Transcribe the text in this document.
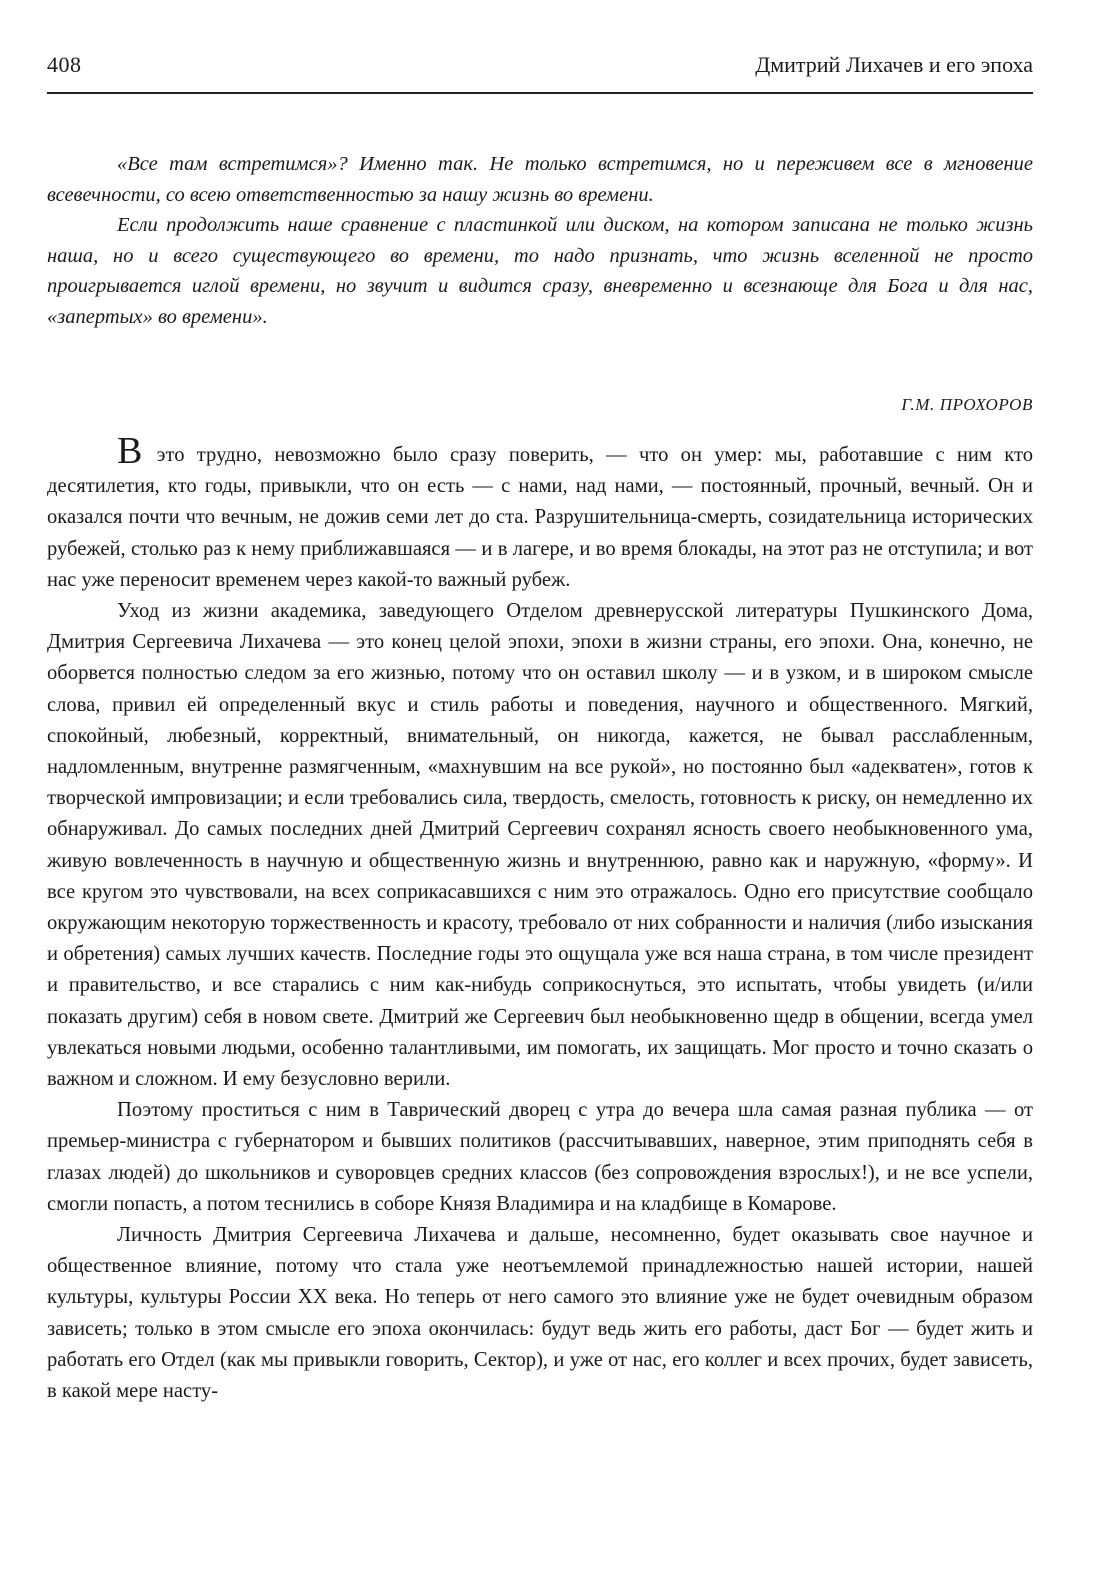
408	Дмитрий Лихачев и его эпоха

«Все там встретимся»? Именно так. Не только встретимся, но и переживем все в мгновение всевечности, со всею ответственностью за нашу жизнь во времени.

Если продолжить наше сравнение с пластинкой или диском, на котором записана не только жизнь наша, но и всего существующего во времени, то надо признать, что жизнь вселенной не просто проигрывается иглой времени, но звучит и видится сразу, вневременно и всезнающе для Бога и для нас, «запертых» во времени».

Г.М. ПРОХОРОВ

В это трудно, невозможно было сразу поверить, — что он умер: мы, работавшие с ним кто десятилетия, кто годы, привыкли, что он есть — с нами, над нами, — постоянный, прочный, вечный. Он и оказался почти что вечным, не дожив семи лет до ста. Разрушительница-смерть, созидательница исторических рубежей, столько раз к нему приближавшаяся — и в лагере, и во время блокады, на этот раз не отступила; и вот нас уже переносит временем через какой-то важный рубеж.

Уход из жизни академика, заведующего Отделом древнерусской литературы Пушкинского Дома, Дмитрия Сергеевича Лихачева — это конец целой эпохи, эпохи в жизни страны, его эпохи. Она, конечно, не оборвется полностью следом за его жизнью, потому что он оставил школу — и в узком, и в широком смысле слова, привил ей определенный вкус и стиль работы и поведения, научного и общественного. Мягкий, спокойный, любезный, корректный, внимательный, он никогда, кажется, не бывал расслабленным, надломленным, внутренне размягченным, «махнувшим на все рукой», но постоянно был «адекватен», готов к творческой импровизации; и если требовались сила, твердость, смелость, готовность к риску, он немедленно их обнаруживал. До самых последних дней Дмитрий Сергеевич сохранял ясность своего необыкновенного ума, живую вовлеченность в научную и общественную жизнь и внутреннюю, равно как и наружную, «форму». И все кругом это чувствовали, на всех соприкасавшихся с ним это отражалось. Одно его присутствие сообщало окружающим некоторую торжественность и красоту, требовало от них собранности и наличия (либо изыскания и обретения) самых лучших качеств. Последние годы это ощущала уже вся наша страна, в том числе президент и правительство, и все старались с ним как-нибудь соприкоснуться, это испытать, чтобы увидеть (и/или показать другим) себя в новом свете. Дмитрий же Сергеевич был необыкновенно щедр в общении, всегда умел увлекаться новыми людьми, особенно талантливыми, им помогать, их защищать. Мог просто и точно сказать о важном и сложном. И ему безусловно верили.

Поэтому проститься с ним в Таврический дворец с утра до вечера шла самая разная публика — от премьер-министра с губернатором и бывших политиков (рассчитывавших, наверное, этим приподнять себя в глазах людей) до школьников и суворовцев средних классов (без сопровождения взрослых!), и не все успели, смогли попасть, а потом теснились в соборе Князя Владимира и на кладбище в Комарове.

Личность Дмитрия Сергеевича Лихачева и дальше, несомненно, будет оказывать свое научное и общественное влияние, потому что стала уже неотъемлемой принадлежностью нашей истории, нашей культуры, культуры России XX века. Но теперь от него самого это влияние уже не будет очевидным образом зависеть; только в этом смысле его эпоха окончилась: будут ведь жить его работы, даст Бог — будет жить и работать его Отдел (как мы привыкли говорить, Сектор), и уже от нас, его коллег и всех прочих, будет зависеть, в какой мере насту-
